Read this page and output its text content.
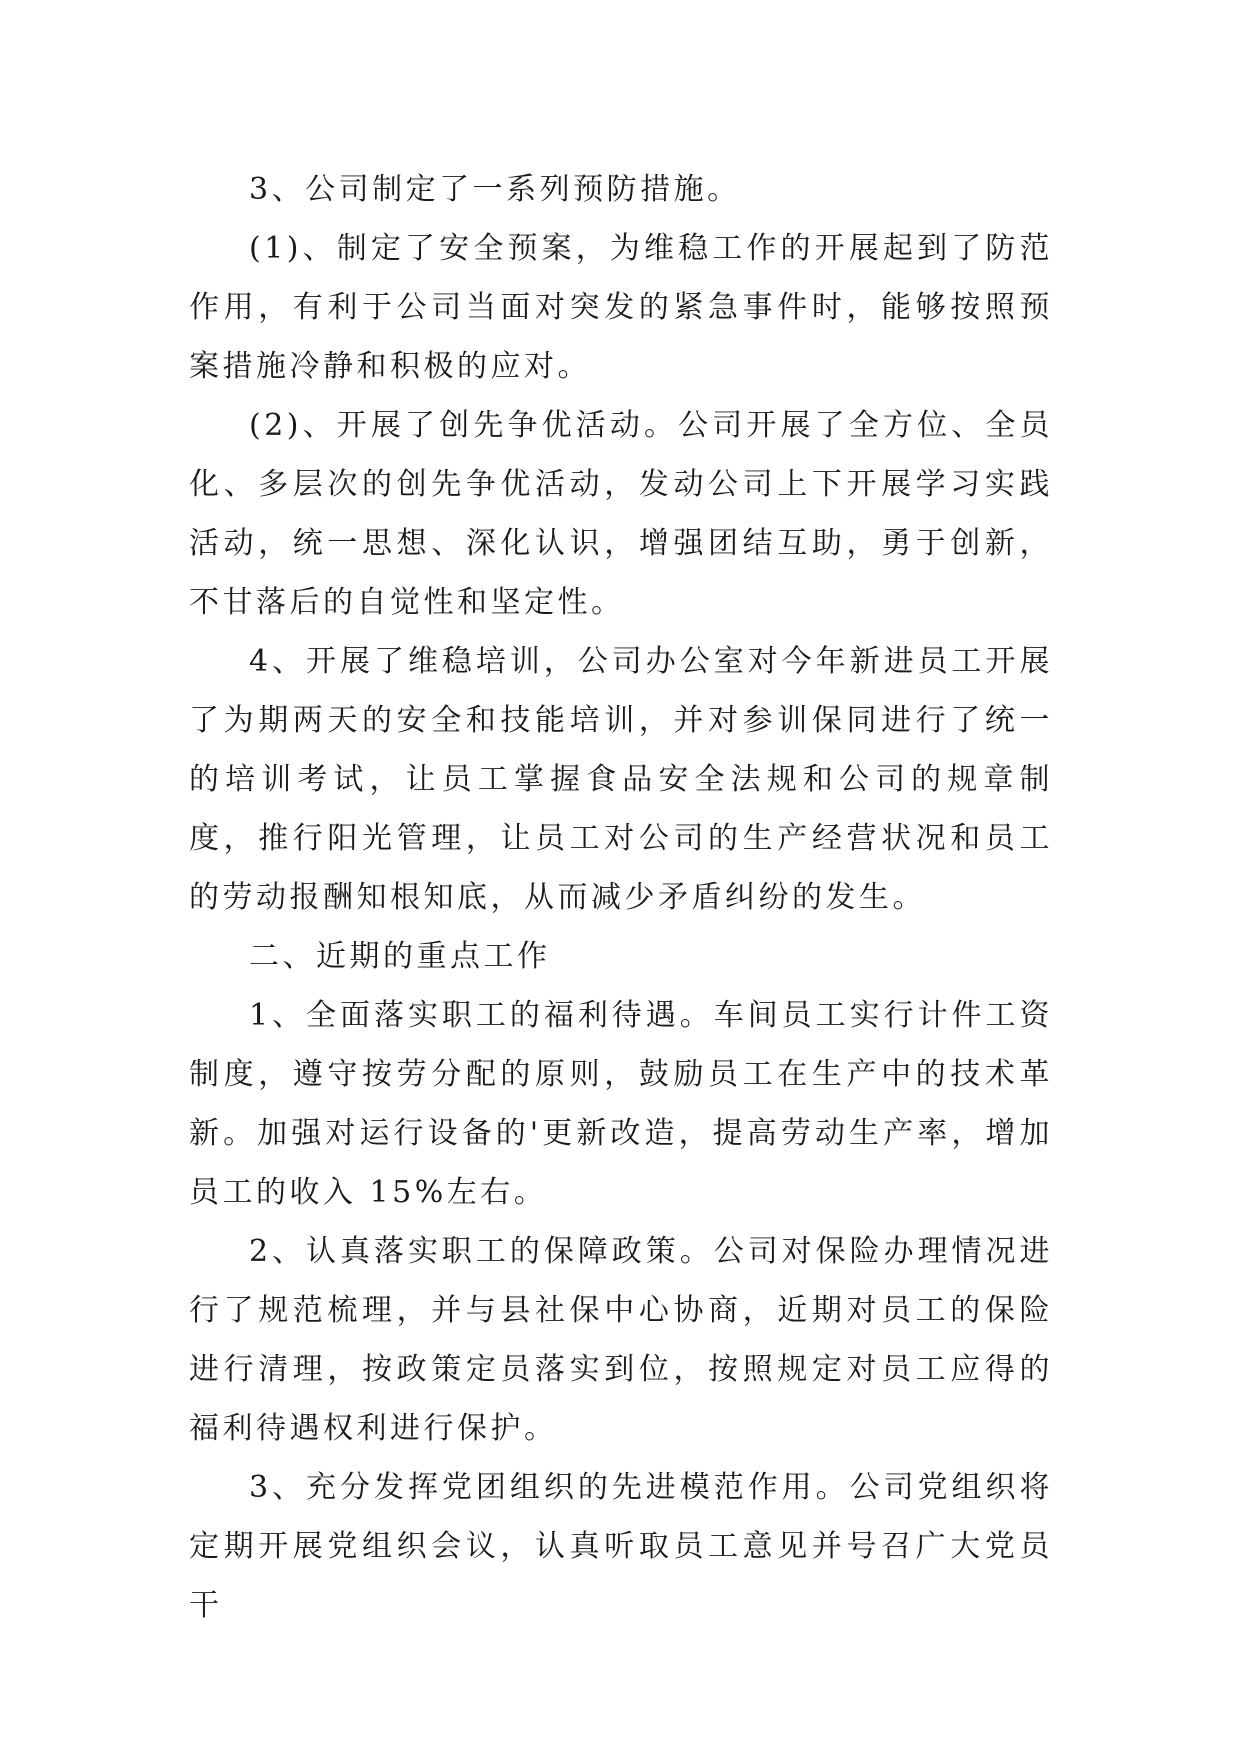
3、公司制定了一系列预防措施。

(1)、制定了安全预案，为维稳工作的开展起到了防范作用，有利于公司当面对突发的紧急事件时，能够按照预案措施冷静和积极的应对。

(2)、开展了创先争优活动。公司开展了全方位、全员化、多层次的创先争优活动，发动公司上下开展学习实践活动，统一思想、深化认识，增强团结互助，勇于创新，不甘落后的自觉性和坚定性。

4、开展了维稳培训，公司办公室对今年新进员工开展了为期两天的安全和技能培训，并对参训保同进行了统一的培训考试，让员工掌握食品安全法规和公司的规章制度，推行阳光管理，让员工对公司的生产经营状况和员工的劳动报酬知根知底，从而减少矛盾纠纷的发生。

二、近期的重点工作

1、全面落实职工的福利待遇。车间员工实行计件工资制度，遵守按劳分配的原则，鼓励员工在生产中的技术革新。加强对运行设备的'更新改造，提高劳动生产率，增加员工的收入 15%左右。

2、认真落实职工的保障政策。公司对保险办理情况进行了规范梳理，并与县社保中心协商，近期对员工的保险进行清理，按政策定员落实到位，按照规定对员工应得的福利待遇权利进行保护。

3、充分发挥党团组织的先进模范作用。公司党组织将定期开展党组织会议，认真听取员工意见并号召广大党员干
